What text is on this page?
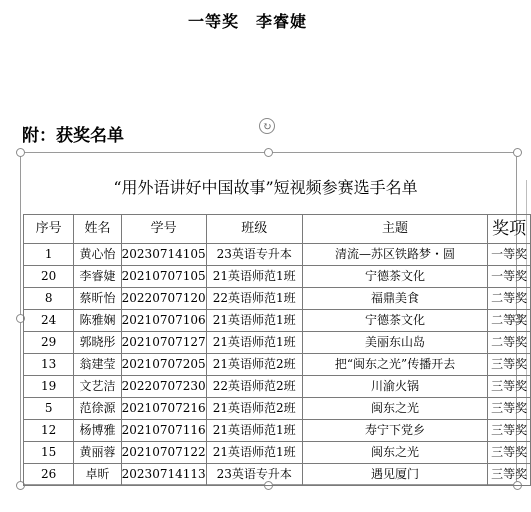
一等奖　李睿婕
附：获奖名单	↻
“用外语讲好中国故事”短视频参赛选手名单
序号	姓名	学号	班级	主题	奖项
1	黄心怡	20230714105	23英语专升本	清流—苏区铁路梦・圆	一等奖
20	李睿婕	20210707105	21英语师范1班	宁德茶文化	一等奖
8	蔡昕怡	20220707120	22英语师范1班	福鼎美食	二等奖
24	陈雅娴	20210707106	21英语师范1班	宁德茶文化	二等奖
29	郭晓彤	20210707127	21英语师范1班	美丽东山岛	二等奖
13	翁建莹	20210707205	21英语师范2班	把“闽东之光”传播开去	三等奖
19	文艺洁	20220707230	22英语师范2班	川渝火锅	三等奖
5	范徐源	20210707216	21英语师范2班	闽东之光	三等奖
12	杨博雅	20210707116	21英语师范1班	寿宁下党乡	三等奖
15	黄丽蓉	20210707122	21英语师范1班	闽东之光	三等奖
26	卓昕	20230714113	23英语专升本	遇见厦门	三等奖
